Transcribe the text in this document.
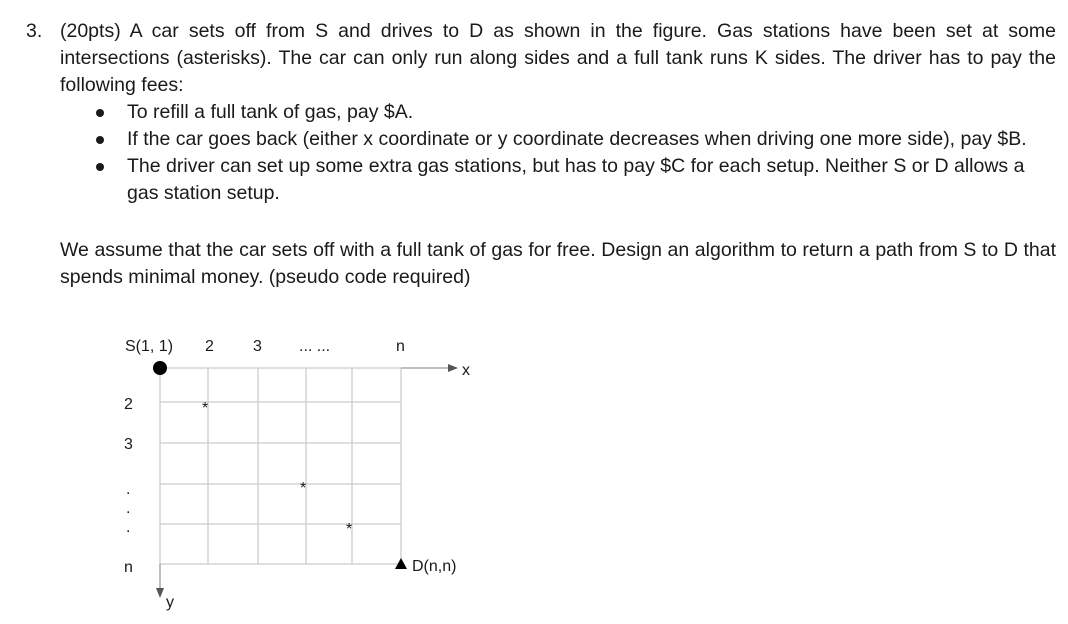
3. (20pts) A car sets off from S and drives to D as shown in the figure. Gas stations have been set at some intersections (asterisks). The car can only run along sides and a full tank runs K sides. The driver has to pay the following fees:
To refill a full tank of gas, pay $A.
If the car goes back (either x coordinate or y coordinate decreases when driving one more side), pay $B.
The driver can set up some extra gas stations, but has to pay $C for each setup. Neither S or D allows a gas station setup.
We assume that the car sets off with a full tank of gas for free. Design an algorithm to return a path from S to D that spends minimal money. (pseudo code required)
x
y
S(1, 1) 2 3 ... ...	n
2
3
.
.
.
n
*
*
*
D(n,n)
